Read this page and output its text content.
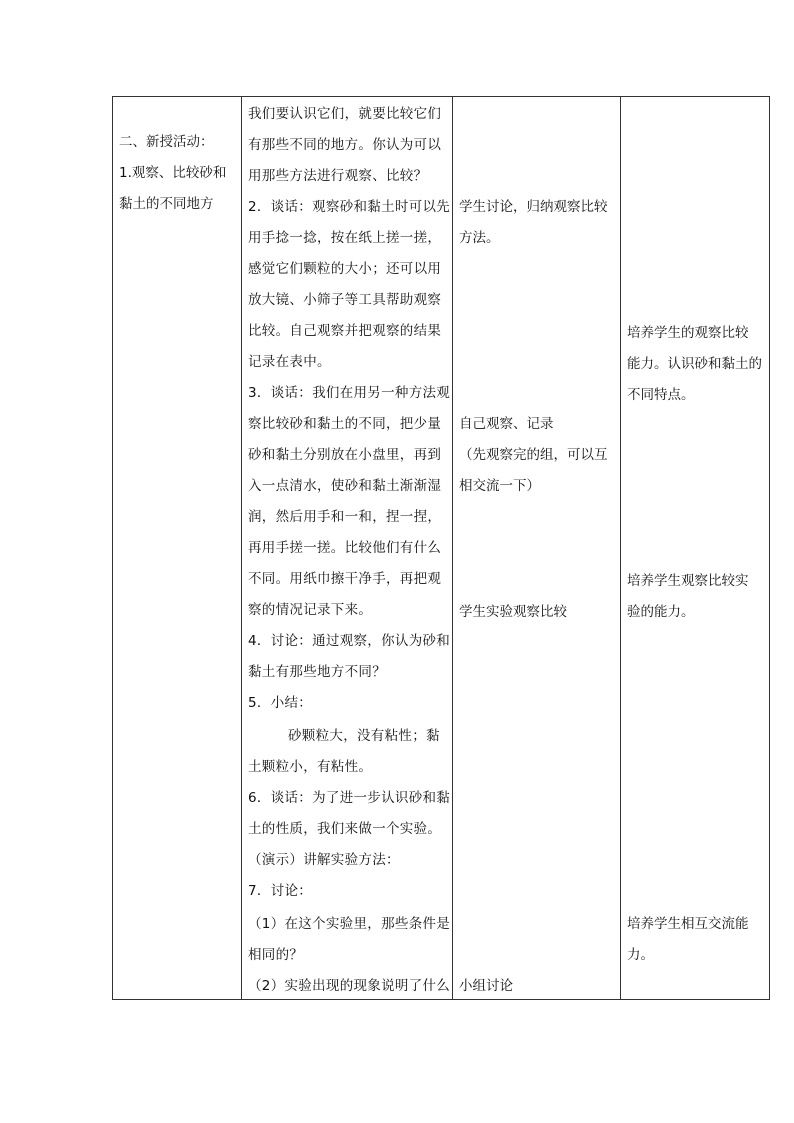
二、新授活动：
1.观察、比较砂和
黏土的不同地方
我们要认识它们，就要比较它们
有那些不同的地方。你认为可以
用那些方法进行观察、比较？
2．谈话：观察砂和黏土时可以先
用手捻一捻，按在纸上搓一搓，
感觉它们颗粒的大小；还可以用
放大镜、小筛子等工具帮助观察
比较。自己观察并把观察的结果
记录在表中。
3．谈话：我们在用另一种方法观
察比较砂和黏土的不同，把少量
砂和黏土分别放在小盘里，再到
入一点清水，使砂和黏土渐渐湿
润，然后用手和一和，捏一捏，
再用手搓一搓。比较他们有什么
不同。用纸巾擦干净手，再把观
察的情况记录下来。
4．讨论：通过观察，你认为砂和
黏土有那些地方不同？
5．小结：
砂颗粒大，没有粘性；黏
土颗粒小，有粘性。
6．谈话：为了进一步认识砂和黏
土的性质，我们来做一个实验。
（演示）讲解实验方法：
7．讨论：
（1）在这个实验里，那些条件是
相同的？
（2）实验出现的现象说明了什么
学生讨论，归纳观察比较
方法。
自己观察、记录
（先观察完的组，可以互
相交流一下）
学生实验观察比较
小组讨论
培养学生的观察比较
能力。认识砂和黏土的
不同特点。
培养学生观察比较实
验的能力。
培养学生相互交流能
力。
